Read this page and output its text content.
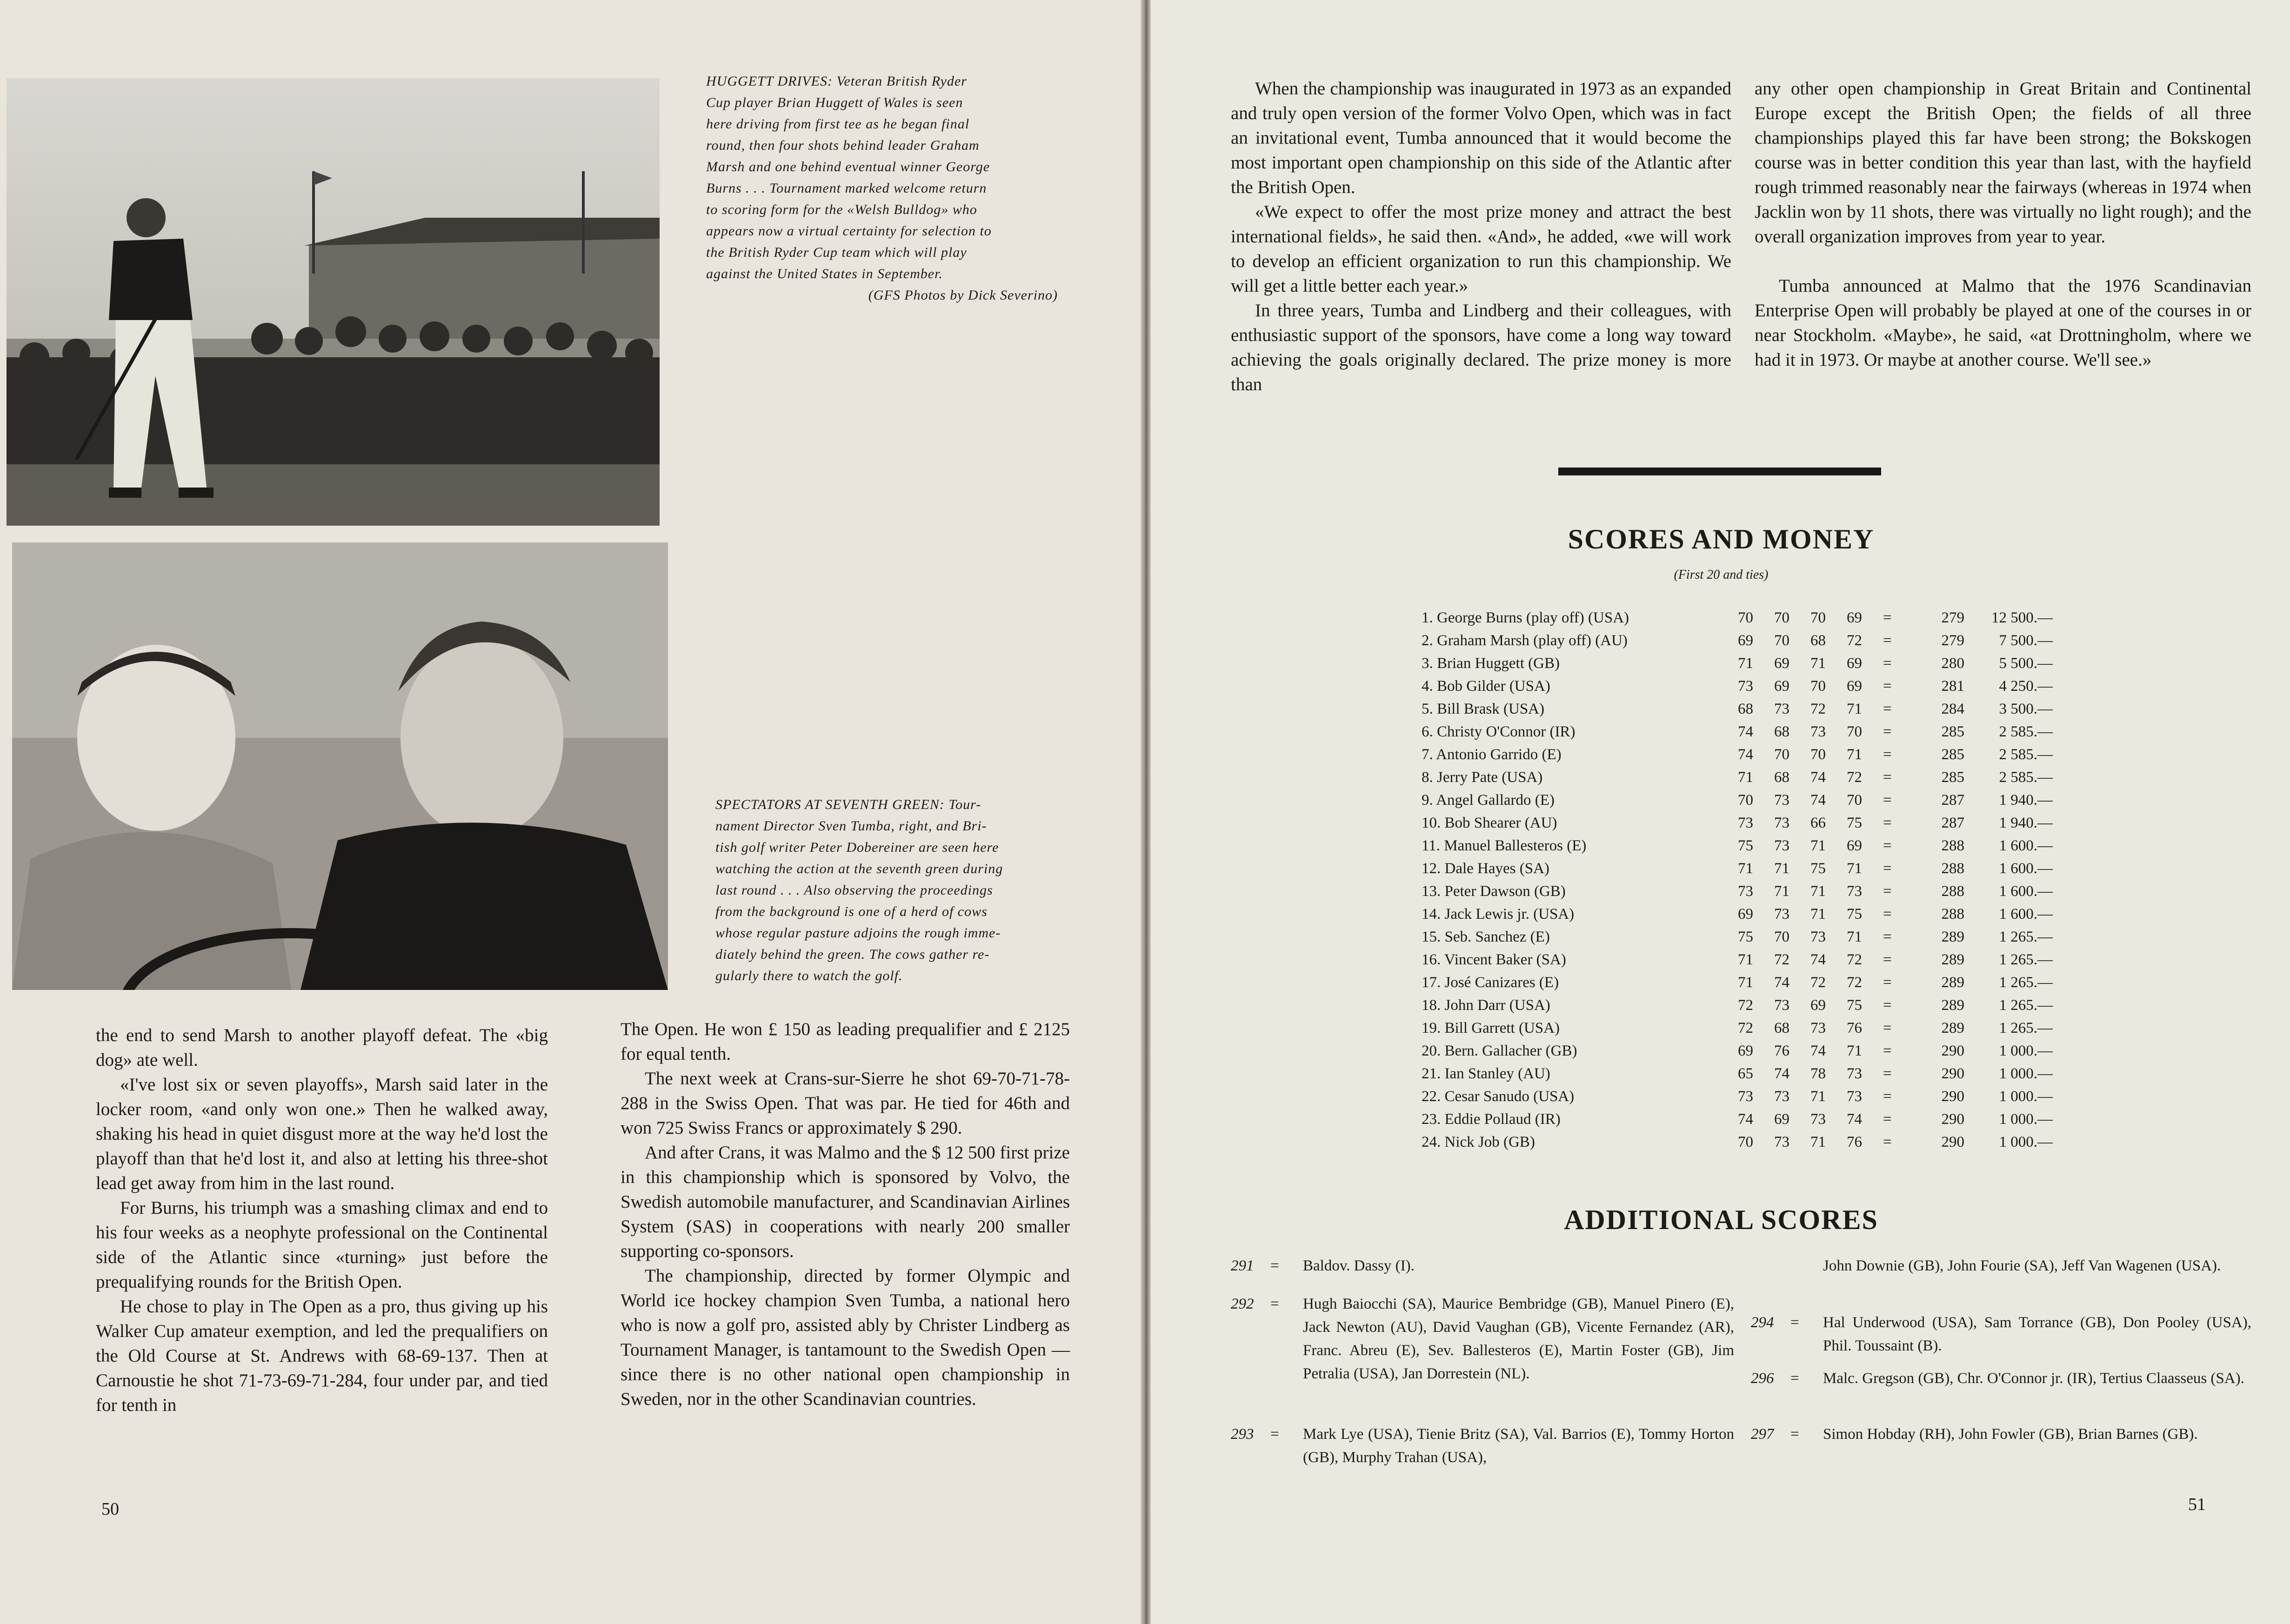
HUGGETT DRIVES: Veteran British Ryder
Cup player Brian Huggett of Wales is seen
here driving from first tee as he began final
round, then four shots behind leader Graham
Marsh and one behind eventual winner George
Burns . . . Tournament marked welcome return
to scoring form for the «Welsh Bulldog» who
appears now a virtual certainty for selection to
the British Ryder Cup team which will play
against the United States in September.
(GFS Photos by Dick Severino)
SPECTATORS AT SEVENTH GREEN: Tour-
nament Director Sven Tumba, right, and Bri-
tish golf writer Peter Dobereiner are seen here
watching the action at the seventh green during
last round . . . Also observing the proceedings
from the background is one of a herd of cows
whose regular pasture adjoins the rough imme-
diately behind the green. The cows gather re-
gularly there to watch the golf.

the end to send Marsh to another playoff defeat. The «big dog» ate well.

«I've lost six or seven playoffs», Marsh said later in the locker room, «and only won one.» Then he walked away, shaking his head in quiet disgust more at the way he'd lost the playoff than that he'd lost it, and also at letting his three-shot lead get away from him in the last round.

For Burns, his triumph was a smashing climax and end to his four weeks as a neophyte professional on the Continental side of the Atlantic since «turning» just before the prequalifying rounds for the British Open.

He chose to play in The Open as a pro, thus giving up his Walker Cup amateur exemption, and led the prequalifiers on the Old Course at St. Andrews with 68-69-137. Then at Carnoustie he shot 71-73-69-71-284, four under par, and tied for tenth in

The Open. He won £ 150 as leading prequalifier and £ 2125 for equal tenth.

The next week at Crans-sur-Sierre he shot 69-70-71-78-288 in the Swiss Open. That was par. He tied for 46th and won 725 Swiss Francs or approximately $ 290.

And after Crans, it was Malmo and the $ 12 500 first prize in this championship which is sponsored by Volvo, the Swedish automobile manufacturer, and Scandinavian Airlines System (SAS) in cooperations with nearly 200 smaller supporting co-sponsors.

The championship, directed by former Olympic and World ice hockey champion Sven Tumba, a national hero who is now a golf pro, assisted ably by Christer Lindberg as Tournament Manager, is tantamount to the Swedish Open — since there is no other national open championship in Sweden, nor in the other Scandinavian countries.

50

When the championship was inaugurated in 1973 as an expanded and truly open version of the former Volvo Open, which was in fact an invitational event, Tumba announced that it would become the most important open championship on this side of the Atlantic after the British Open.

«We expect to offer the most prize money and attract the best international fields», he said then. «And», he added, «we will work to develop an efficient organization to run this championship. We will get a little better each year.»

In three years, Tumba and Lindberg and their colleagues, with enthusiastic support of the sponsors, have come a long way toward achieving the goals originally declared. The prize money is more than

any other open championship in Great Britain and Continental Europe except the British Open; the fields of all three championships played this far have been strong; the Bokskogen course was in better condition this year than last, with the hayfield rough trimmed reasonably near the fairways (whereas in 1974 when Jacklin won by 11 shots, there was virtually no light rough); and the overall organization improves from year to year.

Tumba announced at Malmo that the 1976 Scandinavian Enterprise Open will probably be played at one of the courses in or near Stockholm. «Maybe», he said, «at Drottningholm, where we had it in 1973. Or maybe at another course. We'll see.»

SCORES AND MONEY
(First 20 and ties)
1. George Burns (play off) (USA)	70	70	70	69	=	279	12 500.—
2. Graham Marsh (play off) (AU)	69	70	68	72	=	279	7 500.—
3. Brian Huggett (GB)	71	69	71	69	=	280	5 500.—
4. Bob Gilder (USA)	73	69	70	69	=	281	4 250.—
5. Bill Brask (USA)	68	73	72	71	=	284	3 500.—
6. Christy O'Connor (IR)	74	68	73	70	=	285	2 585.—
7. Antonio Garrido (E)	74	70	70	71	=	285	2 585.—
8. Jerry Pate (USA)	71	68	74	72	=	285	2 585.—
9. Angel Gallardo (E)	70	73	74	70	=	287	1 940.—
10. Bob Shearer (AU)	73	73	66	75	=	287	1 940.—
11. Manuel Ballesteros (E)	75	73	71	69	=	288	1 600.—
12. Dale Hayes (SA)	71	71	75	71	=	288	1 600.—
13. Peter Dawson (GB)	73	71	71	73	=	288	1 600.—
14. Jack Lewis jr. (USA)	69	73	71	75	=	288	1 600.—
15. Seb. Sanchez (E)	75	70	73	71	=	289	1 265.—
16. Vincent Baker (SA)	71	72	74	72	=	289	1 265.—
17. José Canizares (E)	71	74	72	72	=	289	1 265.—
18. John Darr (USA)	72	73	69	75	=	289	1 265.—
19. Bill Garrett (USA)	72	68	73	76	=	289	1 265.—
20. Bern. Gallacher (GB)	69	76	74	71	=	290	1 000.—
21. Ian Stanley (AU)	65	74	78	73	=	290	1 000.—
22. Cesar Sanudo (USA)	73	73	71	73	=	290	1 000.—
23. Eddie Pollaud (IR)	74	69	73	74	=	290	1 000.—
24. Nick Job (GB)	70	73	71	76	=	290	1 000.—
ADDITIONAL SCORES
291 = Baldov. Dassy (I).
292 = Hugh Baiocchi (SA), Maurice Bembridge (GB), Manuel Pinero (E), Jack Newton (AU), David Vaughan (GB), Vicente Fernandez (AR), Franc. Abreu (E), Sev. Ballesteros (E), Martin Foster (GB), Jim Petralia (USA), Jan Dorrestein (NL).
293 = Mark Lye (USA), Tienie Britz (SA), Val. Barrios (E), Tommy Horton (GB), Murphy Trahan (USA),
John Downie (GB), John Fourie (SA), Jeff Van Wagenen (USA).
294 = Hal Underwood (USA), Sam Torrance (GB), Don Pooley (USA), Phil. Toussaint (B).
296 = Malc. Gregson (GB), Chr. O'Connor jr. (IR), Tertius Claasseus (SA).
297 = Simon Hobday (RH), John Fowler (GB), Brian Barnes (GB).
51
